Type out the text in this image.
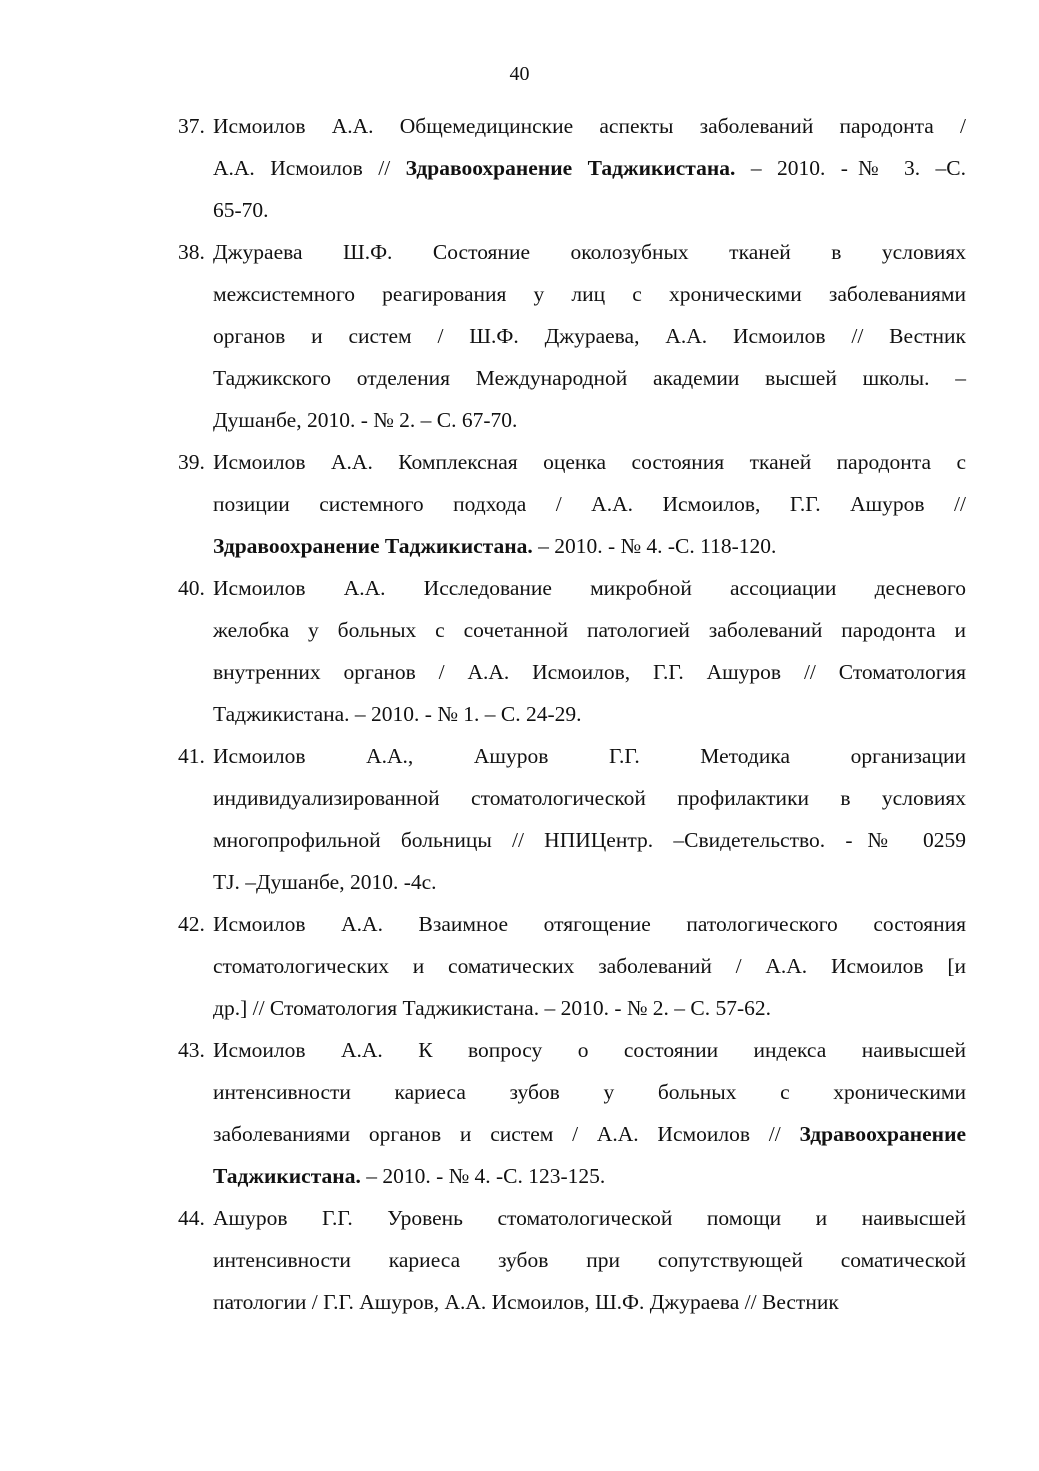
40
37. Исмоилов А.А. Общемедицинские аспекты заболеваний пародонта /
А.А. Исмоилов // Здравоохранение Таджикистана. – 2010. -№ 3. –С.
65-70.
38. Джураева Ш.Ф. Состояние околозубных тканей в условиях
межсистемного реагирования у лиц с хроническими заболеваниями
органов и систем / Ш.Ф. Джураева, А.А. Исмоилов // Вестник
Таджикского отделения Международной академии высшей школы. –
Душанбе, 2010. - № 2. – С. 67-70.
39. Исмоилов А.А. Комплексная оценка состояния тканей пародонта с
позиции системного подхода / А.А. Исмоилов, Г.Г. Ашуров //
Здравоохранение Таджикистана. – 2010. - № 4. -С. 118-120.
40. Исмоилов А.А. Исследование микробной ассоциации десневого
желобка у больных с сочетанной патологией заболеваний пародонта и
внутренних органов / А.А. Исмоилов, Г.Г. Ашуров // Стоматология
Таджикистана. – 2010. - № 1. – С. 24-29.
41. Исмоилов А.А., Ашуров Г.Г. Методика организации
индивидуализированной стоматологической профилактики в условиях
многопрофильной больницы // НПИЦентр. –Свидетельство. -№ 0259
TJ. –Душанбе, 2010. -4с.
42. Исмоилов А.А. Взаимное отягощение патологического состояния
стоматологических и соматических заболеваний / А.А. Исмоилов [и
др.] // Стоматология Таджикистана. – 2010. - № 2. – С. 57-62.
43. Исмоилов А.А. К вопросу о состоянии индекса наивысшей
интенсивности кариеса зубов у больных с хроническими
заболеваниями органов и систем / А.А. Исмоилов // Здравоохранение
Таджикистана. – 2010. - № 4. -С. 123-125.
44. Ашуров Г.Г. Уровень стоматологической помощи и наивысшей
интенсивности кариеса зубов при сопутствующей соматической
патологии / Г.Г. Ашуров, А.А. Исмоилов, Ш.Ф. Джураева // Вестник
